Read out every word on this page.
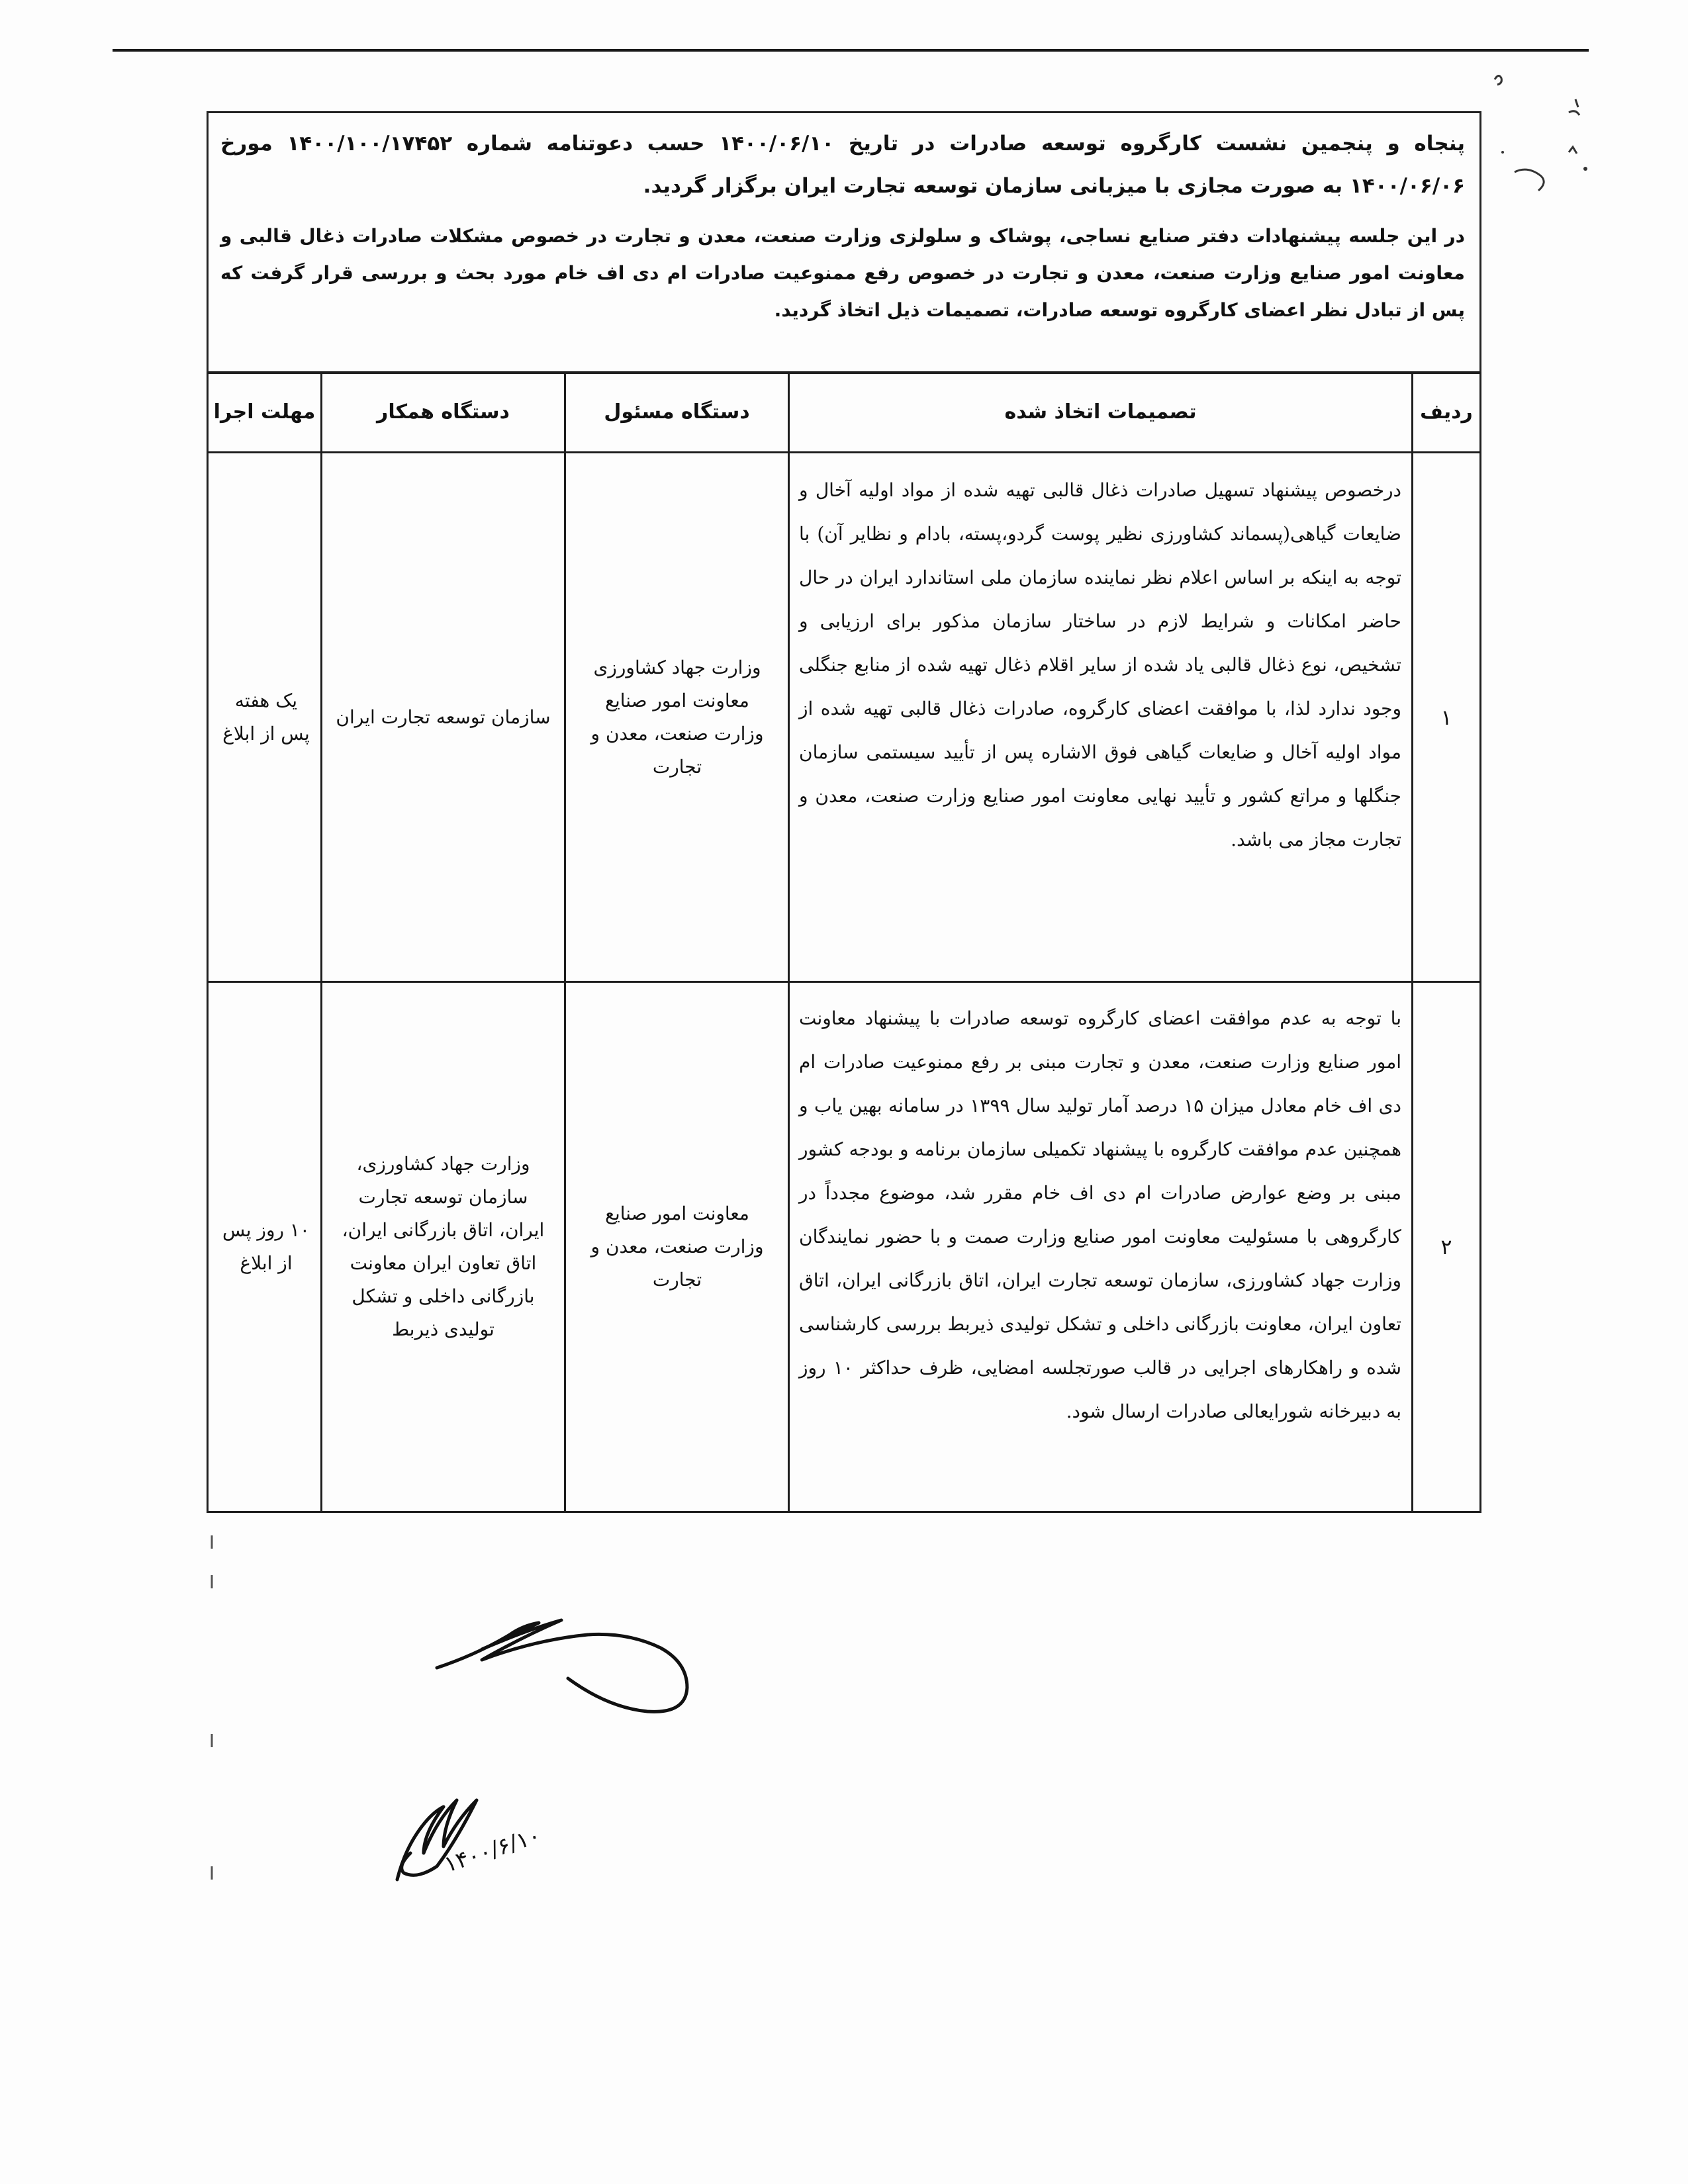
پنجاه و پنجمین نشست کارگروه توسعه صادرات در تاریخ ۱۴۰۰/۰۶/۱۰ حسب دعوتنامه شماره ۱۴۰۰/۱۰۰/۱۷۴۵۲ مورخ ۱۴۰۰/۰۶/۰۶ به صورت مجازی با میزبانی سازمان توسعه تجارت ایران برگزار گردید.

در این جلسه پیشنهادات دفتر صنایع نساجی، پوشاک و سلولزی وزارت صنعت، معدن و تجارت در خصوص مشکلات صادرات ذغال قالبی و معاونت امور صنایع وزارت صنعت، معدن و تجارت در خصوص رفع ممنوعیت صادرات ام دی اف خام مورد بحث و بررسی قرار گرفت که پس از تبادل نظر اعضای کارگروه توسعه صادرات، تصمیمات ذیل اتخاذ گردید.

ردیف
تصمیمات اتخاذ شده
دستگاه مسئول
دستگاه همکار
مهلت اجرا
۱
درخصوص پیشنهاد تسهیل صادرات ذغال قالبی تهیه شده از مواد اولیه آخال و ضایعات گیاهی(پسماند کشاورزی نظیر پوست گردو،پسته، بادام و نظایر آن) با توجه به اینکه بر اساس اعلام نظر نماینده سازمان ملی استاندارد ایران در حال حاضر امکانات و شرایط لازم در ساختار سازمان مذکور برای ارزیابی و تشخیص، نوع ذغال قالبی یاد شده از سایر اقلام ذغال تهیه شده از منابع جنگلی وجود ندارد لذا، با موافقت اعضای کارگروه، صادرات ذغال قالبی تهیه شده از مواد اولیه آخال و ضایعات گیاهی فوق الاشاره پس از تأیید سیستمی سازمان جنگلها و مراتع کشور و تأیید نهایی معاونت امور صنایع وزارت صنعت، معدن و تجارت مجاز می باشد.
وزارت جهاد کشاورزی معاونت امور صنایع وزارت صنعت، معدن و تجارت
سازمان توسعه تجارت ایران
یک هفته پس از ابلاغ
۲
با توجه به عدم موافقت اعضای کارگروه توسعه صادرات با پیشنهاد معاونت امور صنایع وزارت صنعت، معدن و تجارت مبنی بر رفع ممنوعیت صادرات ام دی اف خام معادل میزان ۱۵ درصد آمار تولید سال ۱۳۹۹ در سامانه بهین یاب و همچنین عدم موافقت کارگروه با پیشنهاد تکمیلی سازمان برنامه و بودجه کشور مبنی بر وضع عوارض صادرات ام دی اف خام مقرر شد، موضوع مجدداً در کارگروهی با مسئولیت معاونت امور صنایع وزارت صمت و با حضور نمایندگان وزارت جهاد کشاورزی، سازمان توسعه تجارت ایران، اتاق بازرگانی ایران، اتاق تعاون ایران، معاونت بازرگانی داخلی و تشکل تولیدی ذیربط بررسی کارشناسی شده و راهکارهای اجرایی در قالب صورتجلسه امضایی، ظرف حداکثر ۱۰ روز به دبیرخانه شورایعالی صادرات ارسال شود.
معاونت امور صنایع وزارت صنعت، معدن و تجارت
وزارت جهاد کشاورزی، سازمان توسعه تجارت ایران، اتاق بازرگانی ایران، اتاق تعاون ایران معاونت بازرگانی داخلی و تشکل تولیدی ذیربط
۱۰ روز پس از ابلاغ
۱۴۰۰/۶/۱۰
